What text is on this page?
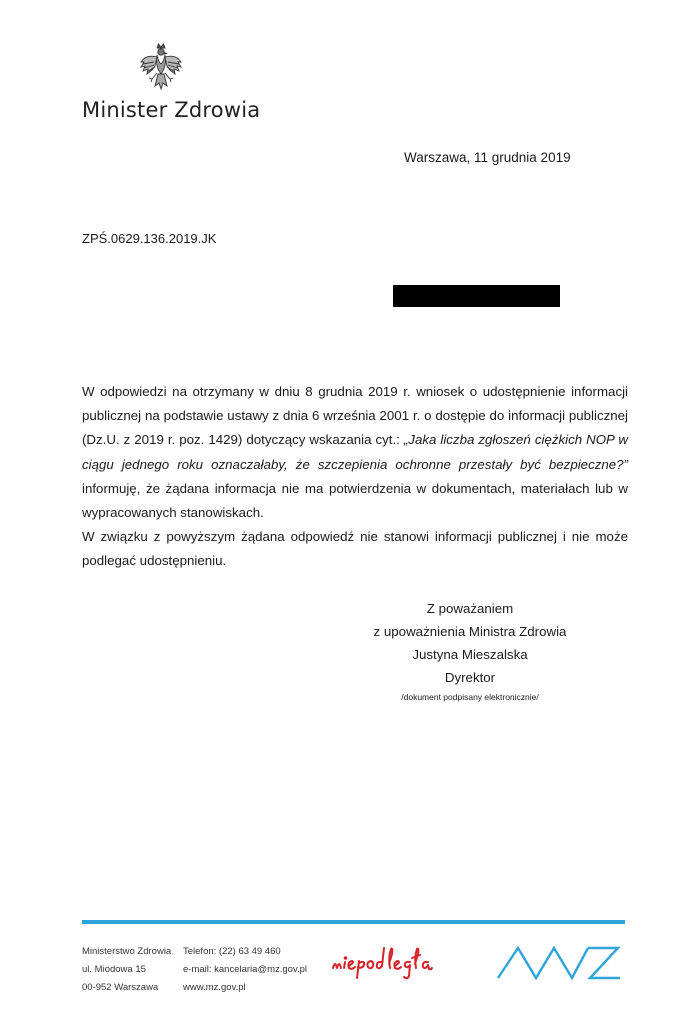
Minister Zdrowia
Warszawa, 11 grudnia 2019
ZPŚ.0629.136.2019.JK

W odpowiedzi na otrzymany w dniu 8 grudnia 2019 r. wniosek o udostępnienie informacji publicznej na podstawie ustawy z dnia 6 września 2001 r. o dostępie do informacji publicznej (Dz.U. z 2019 r. poz. 1429) dotyczący wskazania cyt.: „Jaka liczba zgłoszeń ciężkich NOP w ciągu jednego roku oznaczałaby, że szczepienia ochronne przestały być bezpieczne?” informuję, że żądana informacja nie ma potwierdzenia w dokumentach, materiałach lub w wypracowanych stanowiskach.

W związku z powyższym żądana odpowiedź nie stanowi informacji publicznej i nie może podlegać udostępnieniu.

Z poważaniem
z upoważnienia Ministra Zdrowia
Justyna Mieszalska
Dyrektor
/dokument podpisany elektronicznie/
Ministerstwo Zdrowia
ul. Miodowa 15
00-952 Warszawa
Telefon: (22) 63 49 460
e-mail: kancelaria@mz.gov.pl
www.mz.gov.pl
